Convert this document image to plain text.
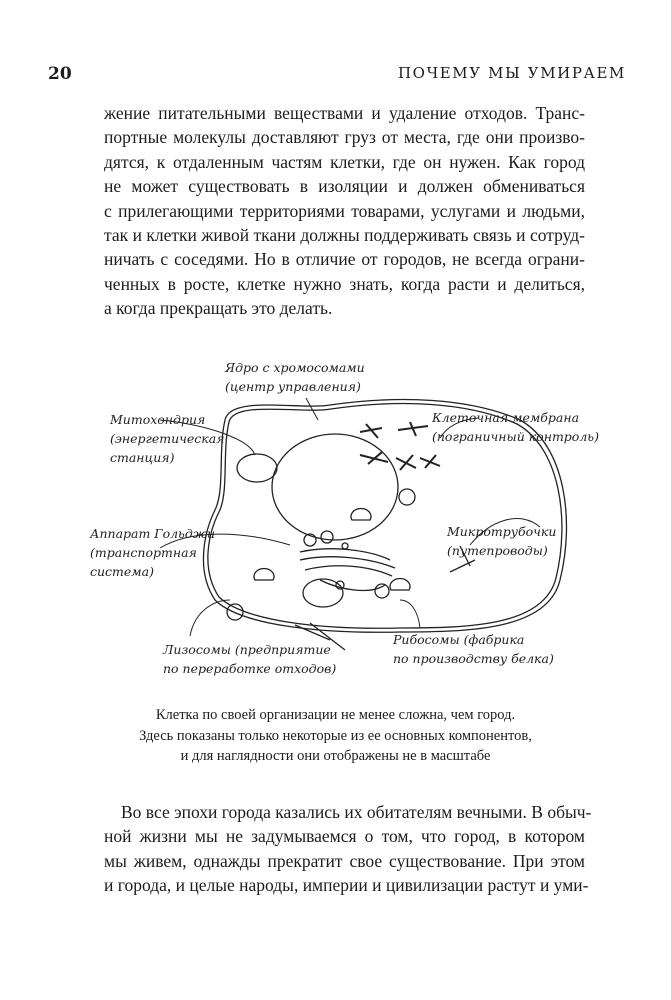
20	ПОЧЕМУ МЫ УМИРАЕМ
жение питательными веществами и удаление отходов. Транс-
портные молекулы доставляют груз от места, где они произво-
дятся, к отдаленным частям клетки, где он нужен. Как город
не может существовать в изоляции и должен обмениваться
с прилегающими территориями товарами, услугами и людьми,
так и клетки живой ткани должны поддерживать связь и сотруд-
ничать с соседями. Но в отличие от городов, не всегда ограни-
ченных в росте, клетке нужно знать, когда расти и делиться,
а когда прекращать это делать.
Ядро с хромосомами
(центр управления)
Митохондрия
(энергетическая
станция)
Клеточная мембрана
(пограничный контроль)
Аппарат Гольджи
(транспортная
система)
Микротрубочки
(путепроводы)
Лизосомы (предприятие
по переработке отходов)
Рибосомы (фабрика
по производству белка)
Клетка по своей организации не менее сложна, чем город.
Здесь показаны только некоторые из ее основных компонентов,
и для наглядности они отображены не в масштабе
Во все эпохи города казались их обитателям вечными. В обыч-
ной жизни мы не задумываемся о том, что город, в котором
мы живем, однажды прекратит свое существование. При этом
и города, и целые народы, империи и цивилизации растут и уми-
